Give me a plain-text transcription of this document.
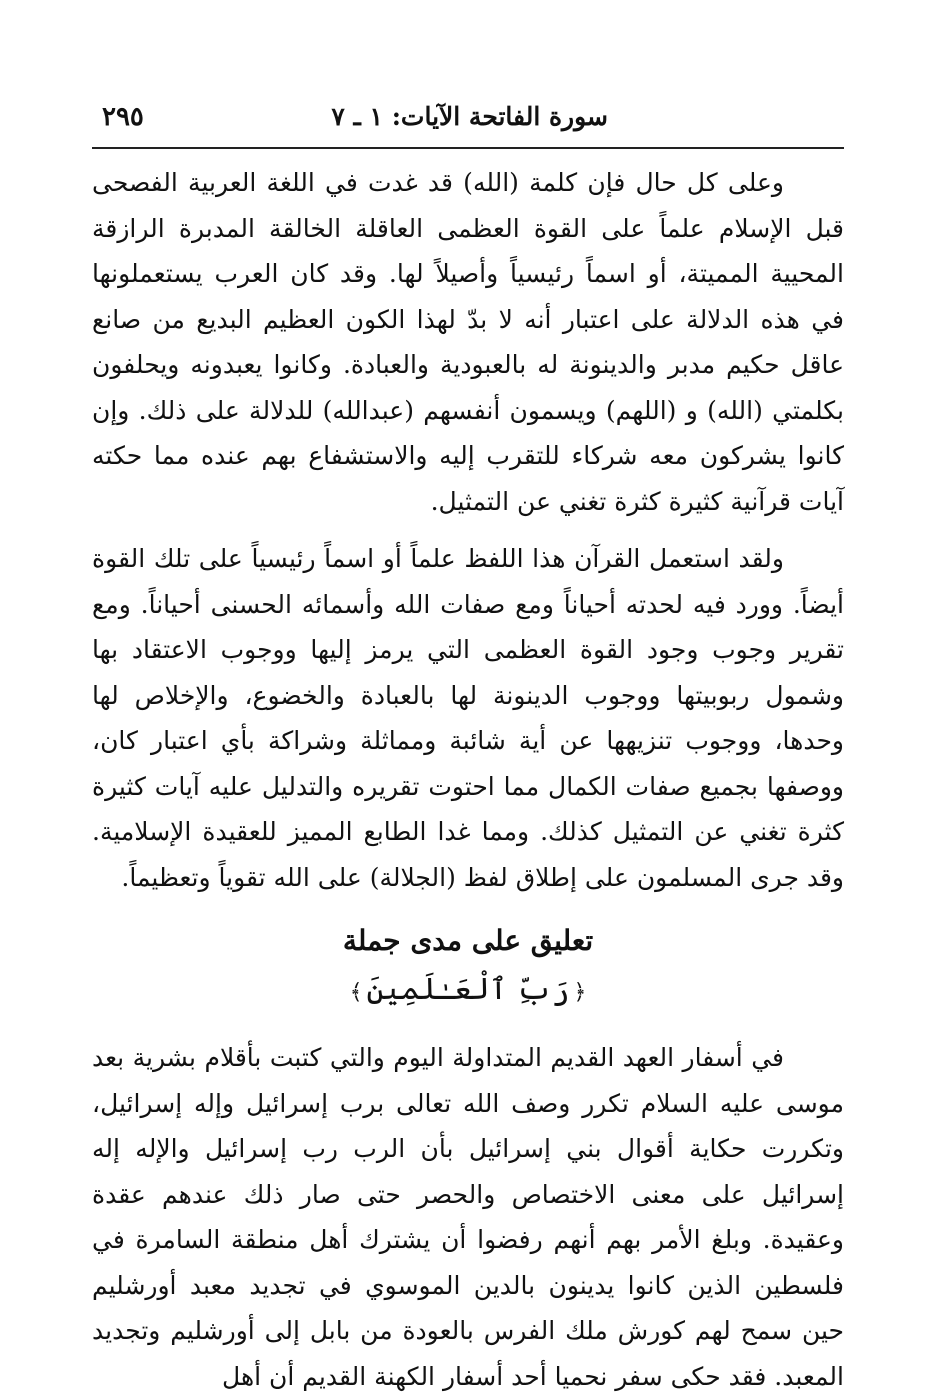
سورة الفاتحة الآيات: ١ ـ ٧
٢٩٥

وعلى كل حال فإن كلمة (الله) قد غدت في اللغة العربية الفصحى قبل الإسلام علماً على القوة العظمى العاقلة الخالقة المدبرة الرازقة المحيية المميتة، أو اسماً رئيسياً وأصيلاً لها. وقد كان العرب يستعملونها في هذه الدلالة على اعتبار أنه لا بدّ لهذا الكون العظيم البديع من صانع عاقل حكيم مدبر والدينونة له بالعبودية والعبادة. وكانوا يعبدونه ويحلفون بكلمتي (الله) و (اللهم) ويسمون أنفسهم (عبدالله) للدلالة على ذلك. وإن كانوا يشركون معه شركاء للتقرب إليه والاستشفاع بهم عنده مما حكته آيات قرآنية كثيرة كثرة تغني عن التمثيل.

ولقد استعمل القرآن هذا اللفظ علماً أو اسماً رئيسياً على تلك القوة أيضاً. وورد فيه لحدته أحياناً ومع صفات الله وأسمائه الحسنى أحياناً. ومع تقرير وجوب وجود القوة العظمى التي يرمز إليها ووجوب الاعتقاد بها وشمول ربوبيتها ووجوب الدينونة لها بالعبادة والخضوع، والإخلاص لها وحدها، ووجوب تنزيهها عن أية شائبة ومماثلة وشراكة بأي اعتبار كان، ووصفها بجميع صفات الكمال مما احتوت تقريره والتدليل عليه آيات كثيرة كثرة تغني عن التمثيل كذلك. ومما غدا الطابع المميز للعقيدة الإسلامية. وقد جرى المسلمون على إطلاق لفظ (الجلالة) على الله تقوياً وتعظيماً.

تعليق على مدى جملة
﴿رَبِّ ٱلْعَـٰلَمِينَ﴾

في أسفار العهد القديم المتداولة اليوم والتي كتبت بأقلام بشرية بعد موسى عليه السلام تكرر وصف الله تعالى برب إسرائيل وإله إسرائيل، وتكررت حكاية أقوال بني إسرائيل بأن الرب رب إسرائيل والإله إله إسرائيل على معنى الاختصاص والحصر حتى صار ذلك عندهم عقدة وعقيدة. وبلغ الأمر بهم أنهم رفضوا أن يشترك أهل منطقة السامرة في فلسطين الذين كانوا يدينون بالدين الموسوي في تجديد معبد أورشليم حين سمح لهم كورش ملك الفرس بالعودة من بابل إلى أورشليم وتجديد المعبد. فقد حكى سفر نحميا أحد أسفار الكهنة القديم أن أهل
